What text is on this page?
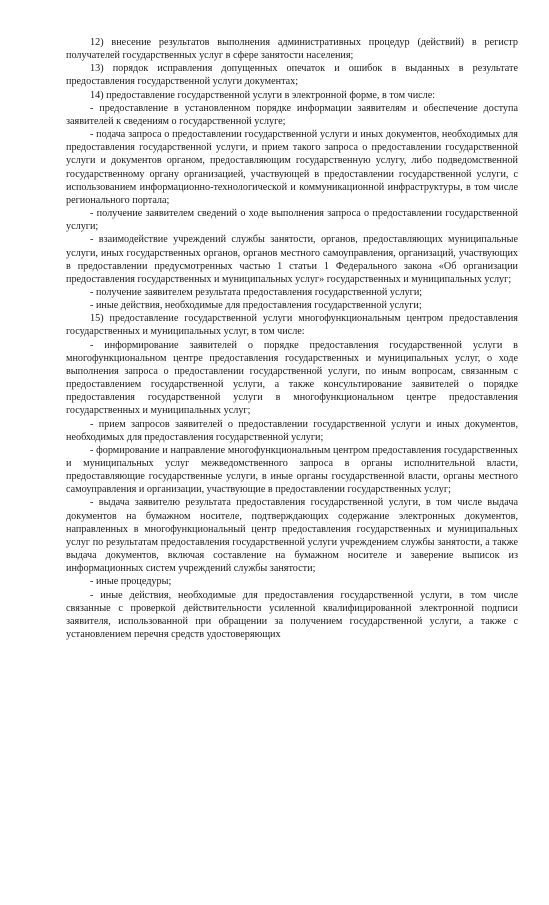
12) внесение результатов выполнения административных процедур (действий) в регистр получателей государственных услуг в сфере занятости населения;

13) порядок исправления допущенных опечаток и ошибок в выданных в результате предоставления государственной услуги документах;

14) предоставление государственной услуги в электронной форме, в том числе:

- предоставление в установленном порядке информации заявителям и обеспечение доступа заявителей к сведениям о государственной услуге;

- подача запроса о предоставлении государственной услуги и иных документов, необходимых для предоставления государственной услуги, и прием такого запроса о предоставлении государственной услуги и документов органом, предоставляющим государственную услугу, либо подведомственной государственному органу организацией, участвующей в предоставлении государственной услуги, с использованием информационно-технологической и коммуникационной инфраструктуры, в том числе регионального портала;

- получение заявителем сведений о ходе выполнения запроса о предоставлении государственной услуги;

- взаимодействие учреждений службы занятости, органов, предоставляющих муниципальные услуги, иных государственных органов, органов местного самоуправления, организаций, участвующих в предоставлении предусмотренных частью 1 статьи 1 Федерального закона «Об организации предоставления государственных и муниципальных услуг» государственных и муниципальных услуг;

- получение заявителем результата предоставления государственной услуги;

- иные действия, необходимые для предоставления государственной услуги;

15) предоставление государственной услуги многофункциональным центром предоставления государственных и муниципальных услуг, в том числе:

- информирование заявителей о порядке предоставления государственной услуги в многофункциональном центре предоставления государственных и муниципальных услуг, о ходе выполнения запроса о предоставлении государственной услуги, по иным вопросам, связанным с предоставлением государственной услуги, а также консультирование заявителей о порядке предоставления государственной услуги в многофункциональном центре предоставления государственных и муниципальных услуг;

- прием запросов заявителей о предоставлении государственной услуги и иных документов, необходимых для предоставления государственной услуги;

- формирование и направление многофункциональным центром предоставления государственных и муниципальных услуг межведомственного запроса в органы исполнительной власти, предоставляющие государственные услуги, в иные органы государственной власти, органы местного самоуправления и организации, участвующие в предоставлении государственных услуг;

- выдача заявителю результата предоставления государственной услуги, в том числе выдача документов на бумажном носителе, подтверждающих содержание электронных документов, направленных в многофункциональный центр предоставления государственных и муниципальных услуг по результатам предоставления государственной услуги учреждением службы занятости, а также выдача документов, включая составление на бумажном носителе и заверение выписок из информационных систем учреждений службы занятости;

- иные процедуры;

- иные действия, необходимые для предоставления государственной услуги, в том числе связанные с проверкой действительности усиленной квалифицированной электронной подписи заявителя, использованной при обращении за получением государственной услуги, а также с установлением перечня средств удостоверяющих
